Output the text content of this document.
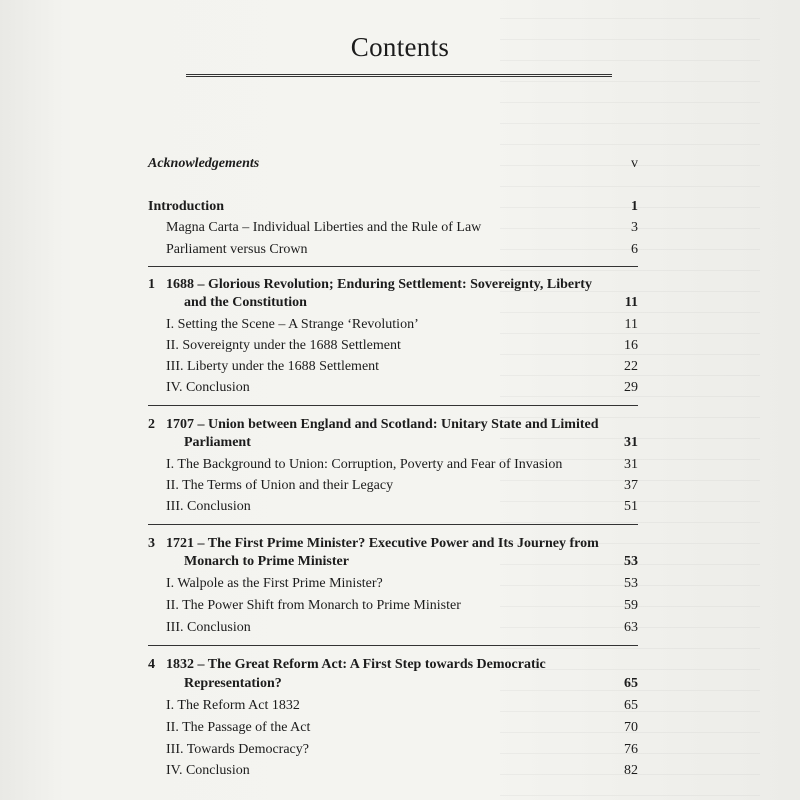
Contents
Acknowledgements	v
Introduction	1
Magna Carta – Individual Liberties and the Rule of Law	3
Parliament versus Crown	6
1 1688 – Glorious Revolution; Enduring Settlement: Sovereignty, Liberty
and the Constitution	11
I. Setting the Scene – A Strange ‘Revolution’	11
II. Sovereignty under the 1688 Settlement	16
III. Liberty under the 1688 Settlement	22
IV. Conclusion	29
2 1707 – Union between England and Scotland: Unitary State and Limited
Parliament	31
I. The Background to Union: Corruption, Poverty and Fear of Invasion	31
II. The Terms of Union and their Legacy	37
III. Conclusion	51
3 1721 – The First Prime Minister? Executive Power and Its Journey from
Monarch to Prime Minister	53
I. Walpole as the First Prime Minister?	53
II. The Power Shift from Monarch to Prime Minister	59
III. Conclusion	63
4 1832 – The Great Reform Act: A First Step towards Democratic
Representation?	65
I. The Reform Act 1832	65
II. The Passage of the Act	70
III. Towards Democracy?	76
IV. Conclusion	82
